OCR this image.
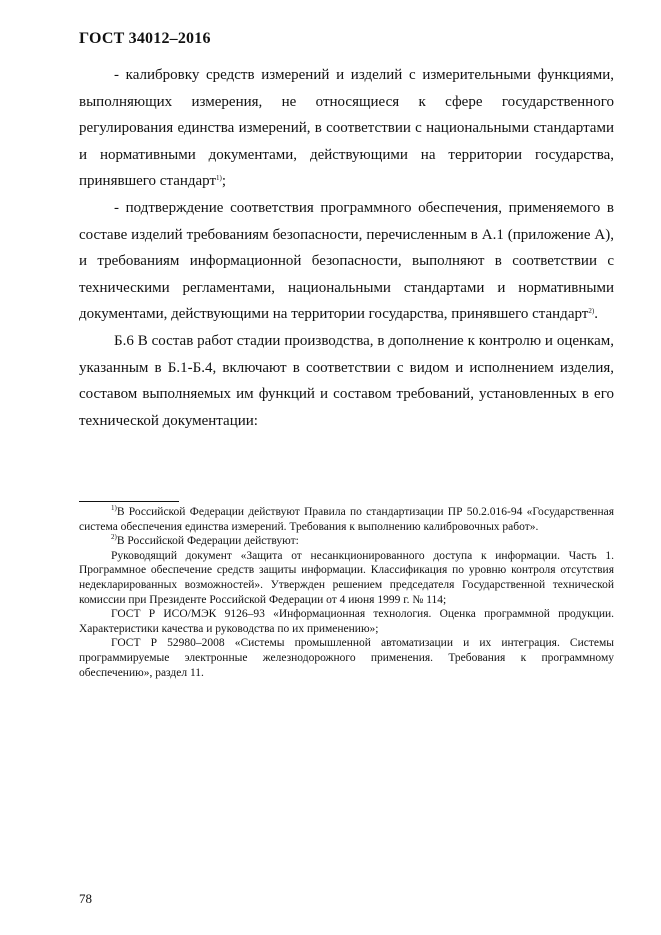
ГОСТ 34012–2016

- калибровку средств измерений и изделий с измерительными функциями, выполняющих измерения, не относящиеся к сфере государственного регулирования единства измерений, в соответствии с национальными стандартами и нормативными документами, действующими на территории государства, принявшего стандарт$^{1)}$;

- подтверждение соответствия программного обеспечения, применяемого в составе изделий требованиям безопасности, перечисленным в А.1 (приложение А), и требованиям информационной безопасности, выполняют в соответствии с техническими регламентами, национальными стандартами и нормативными документами, действующими на территории государства, принявшего стандарт$^{2)}$.

Б.6 В состав работ стадии производства, в дополнение к контролю и оценкам, указанным в Б.1-Б.4, включают в соответствии с видом и исполнением изделия, составом выполняемых им функций и составом требований, установленных в его технической документации:

$^{1)}$В Российской Федерации действуют Правила по стандартизации ПР 50.2.016-94 «Государственная система обеспечения единства измерений. Требования к выполнению калибровочных работ».

$^{2)}$В Российской Федерации действуют:

Руководящий документ «Защита от несанкционированного доступа к информации. Часть 1. Программное обеспечение средств защиты информации. Классификация по уровню контроля отсутствия недекларированных возможностей». Утвержден решением председателя Государственной технической комиссии при Президенте Российской Федерации от 4 июня 1999 г. № 114;

ГОСТ Р ИСО/МЭК 9126–93 «Информационная технология. Оценка программной продукции. Характеристики качества и руководства по их применению»;

ГОСТ Р 52980–2008 «Системы промышленной автоматизации и их интеграция. Системы программируемые электронные железнодорожного применения. Требования к программному обеспечению», раздел 11.

78
